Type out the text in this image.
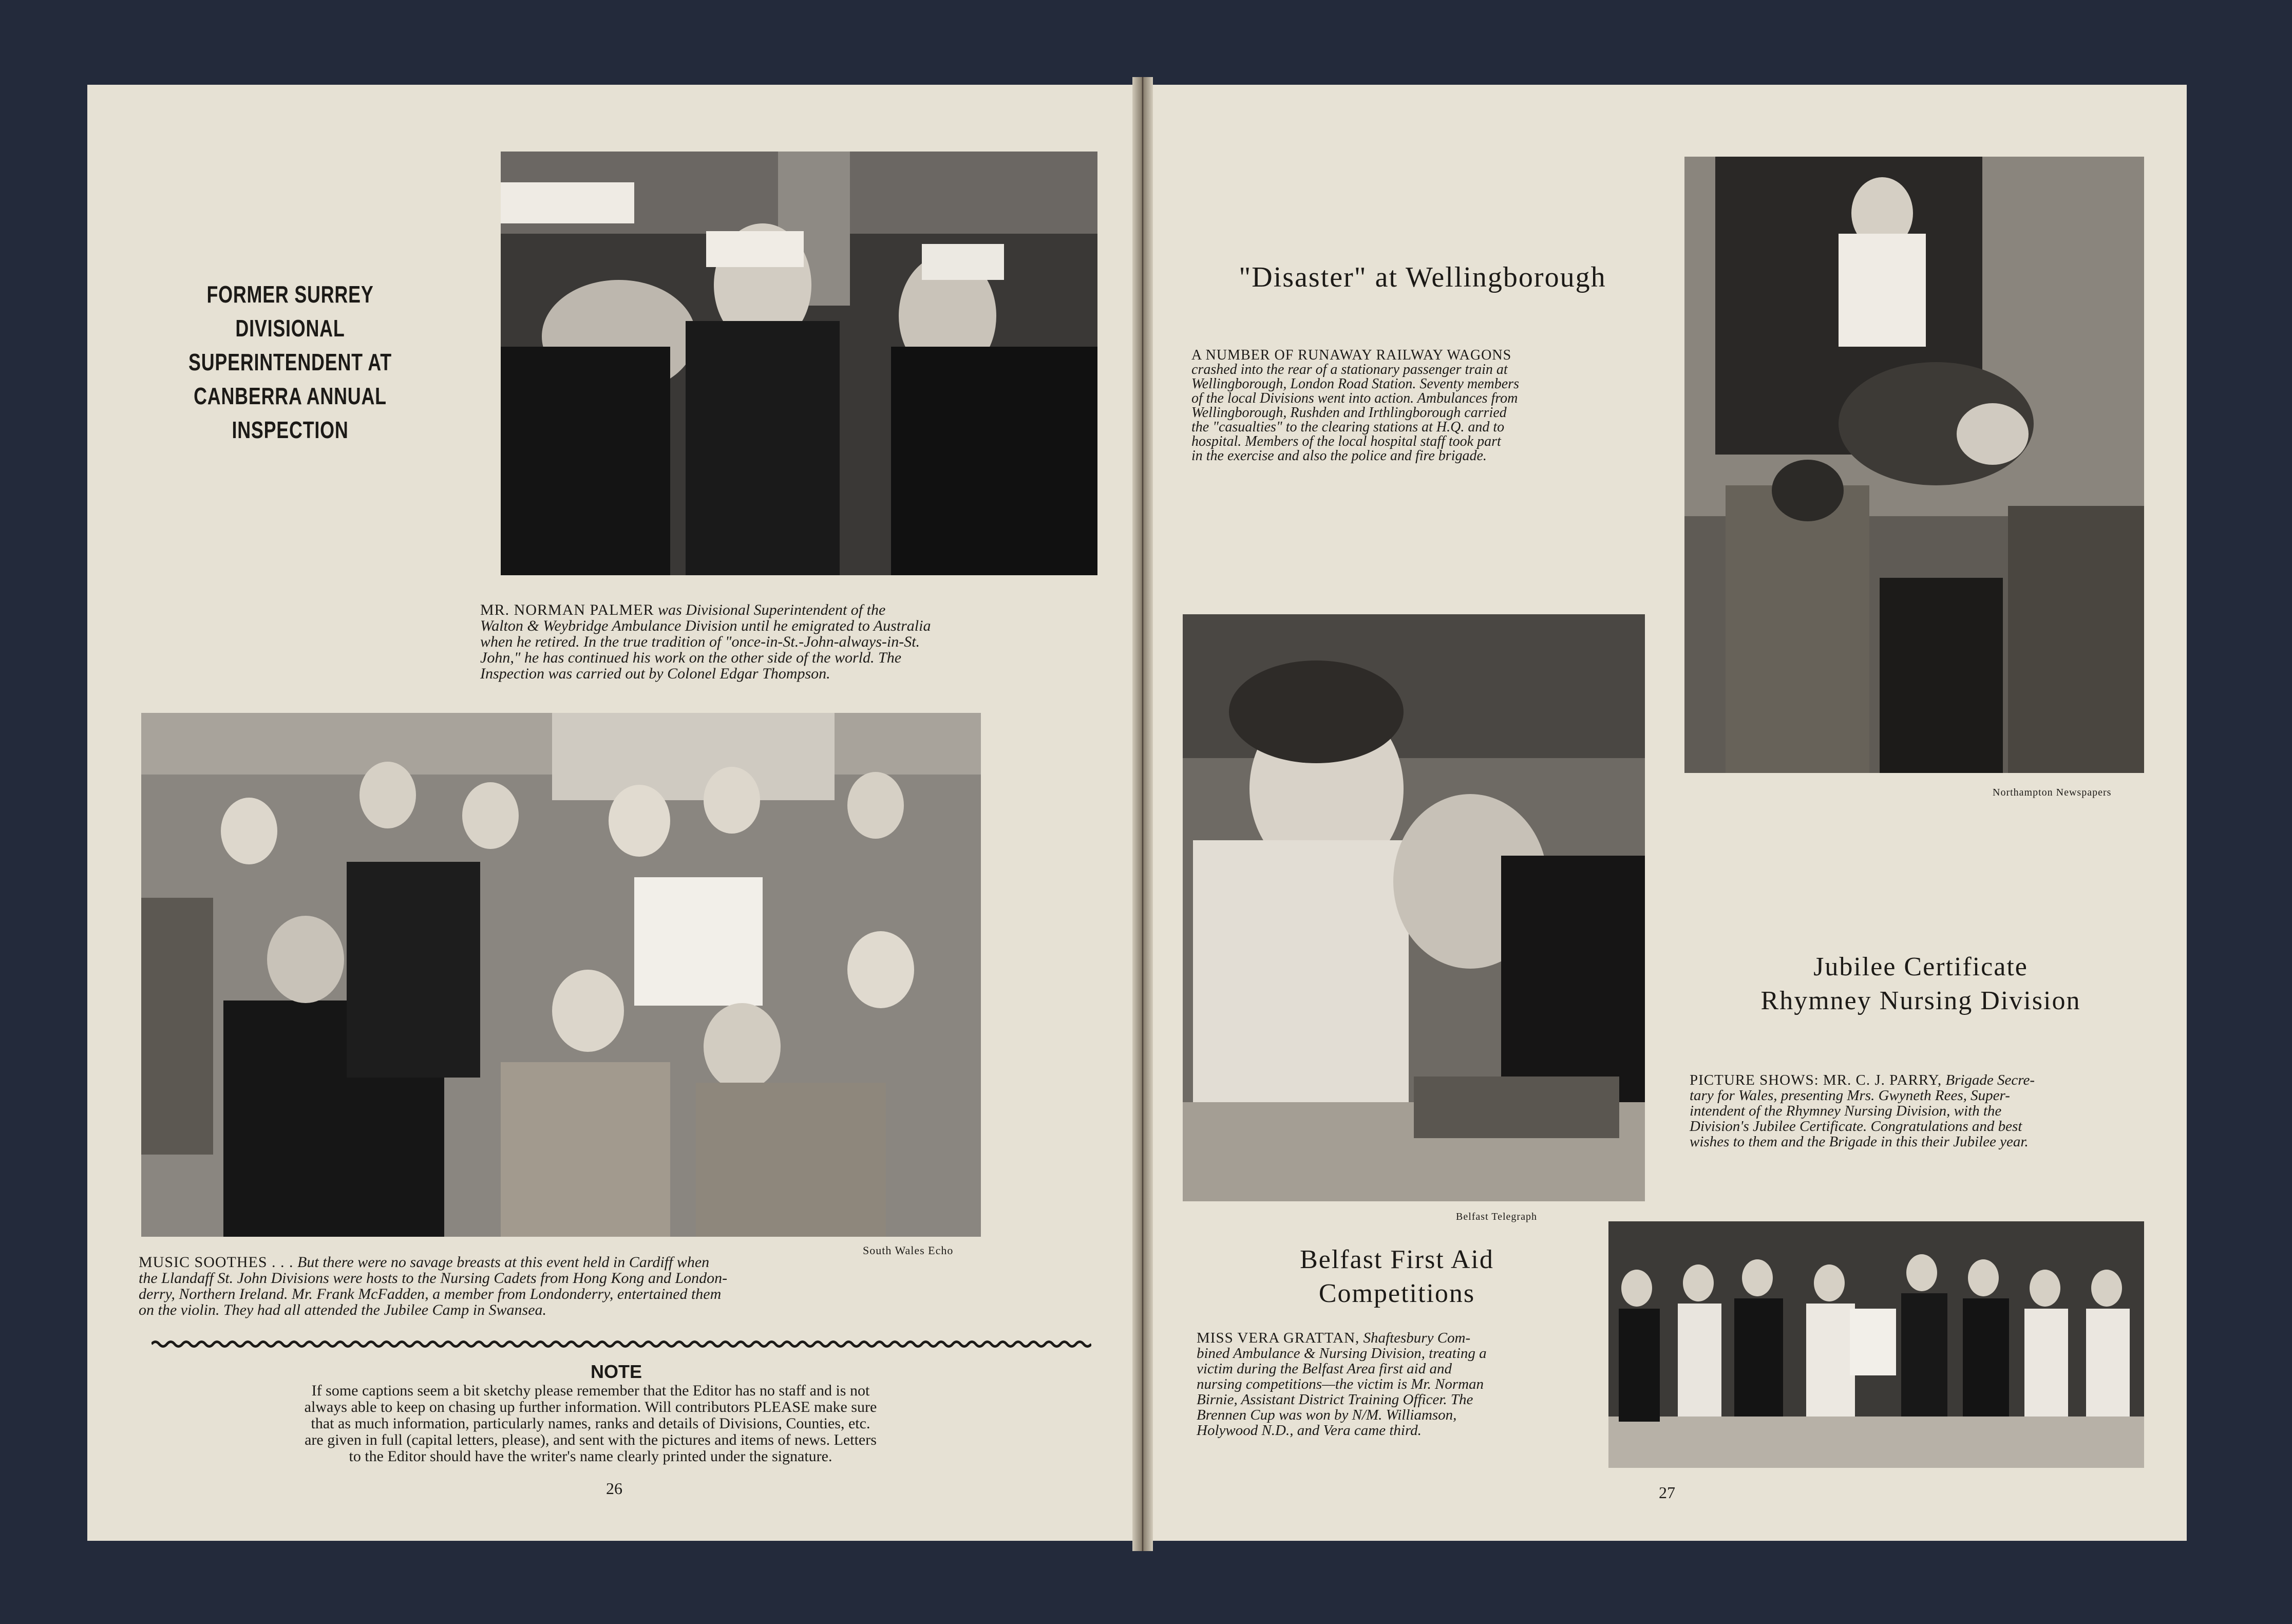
FORMER SURREY DIVISIONAL
SUPERINTENDENT AT
CANBERRA ANNUAL
INSPECTION
MR. NORMAN PALMER was Divisional Superintendent of the
Walton & Weybridge Ambulance Division until he emigrated to Australia
when he retired. In the true tradition of "once-in-St.-John-always-in-St.
John," he has continued his work on the other side of the world. The
Inspection was carried out by Colonel Edgar Thompson.
South Wales Echo
MUSIC SOOTHES . . . But there were no savage breasts at this event held in Cardiff when
the Llandaff St. John Divisions were hosts to the Nursing Cadets from Hong Kong and London-
derry, Northern Ireland. Mr. Frank McFadden, a member from Londonderry, entertained them
on the violin. They had all attended the Jubilee Camp in Swansea.
NOTE
If some captions seem a bit sketchy please remember that the Editor has no staff and is not
always able to keep on chasing up further information. Will contributors PLEASE make sure
that as much information, particularly names, ranks and details of Divisions, Counties, etc.
are given in full (capital letters, please), and sent with the pictures and items of news. Letters
to the Editor should have the writer's name clearly printed under the signature.
26
"Disaster" at Wellingborough
A NUMBER OF RUNAWAY RAILWAY WAGONS
crashed into the rear of a stationary passenger train at
Wellingborough, London Road Station. Seventy members
of the local Divisions went into action. Ambulances from
Wellingborough, Rushden and Irthlingborough carried
the "casualties" to the clearing stations at H.Q. and to
hospital. Members of the local hospital staff took part
in the exercise and also the police and fire brigade.
Northampton Newspapers
Belfast Telegraph
Jubilee Certificate
Rhymney Nursing Division
PICTURE SHOWS: MR. C. J. PARRY, Brigade Secre-
tary for Wales, presenting Mrs. Gwyneth Rees, Super-
intendent of the Rhymney Nursing Division, with the
Division's Jubilee Certificate. Congratulations and best
wishes to them and the Brigade in this their Jubilee year.
Belfast First Aid
Competitions
MISS VERA GRATTAN, Shaftesbury Com-
bined Ambulance & Nursing Division, treating a
victim during the Belfast Area first aid and
nursing competitions—the victim is Mr. Norman
Birnie, Assistant District Training Officer. The
Brennen Cup was won by N/M. Williamson,
Holywood N.D., and Vera came third.
27
